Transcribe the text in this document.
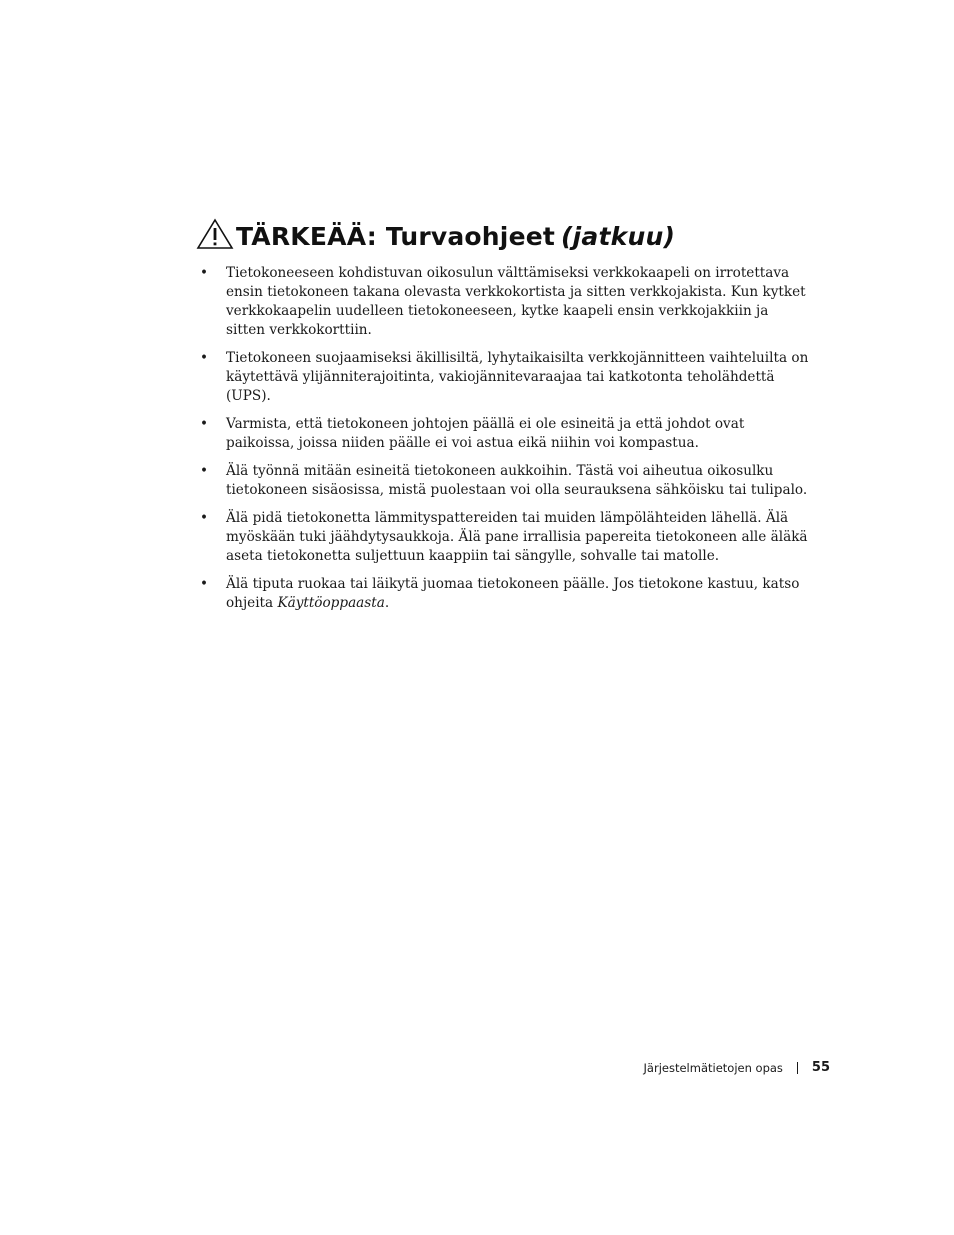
TÄRKEÄÄ: Turvaohjeet (jatkuu)
• Tietokoneeseen kohdistuvan oikosulun välttämiseksi verkkokaapeli on irrotettava ensin tietokoneen takana olevasta verkkokortista ja sitten verkkojakista. Kun kytket verkkokaapelin uudelleen tietokoneeseen, kytke kaapeli ensin verkkojakkiin ja sitten verkkokorttiin.
• Tietokoneen suojaamiseksi äkillisiltä, lyhytaikaisilta verkkojännitteen vaihteluilta on käytettävä ylijänniterajoitinta, vakiojännitevaraajaa tai katkotonta teholähdettä (UPS).
• Varmista, että tietokoneen johtojen päällä ei ole esineitä ja että johdot ovat paikoissa, joissa niiden päälle ei voi astua eikä niihin voi kompastua.
• Älä työnnä mitään esineitä tietokoneen aukkoihin. Tästä voi aiheutua oikosulku tietokoneen sisäosissa, mistä puolestaan voi olla seurauksena sähköisku tai tulipalo.
• Älä pidä tietokonetta lämmityspattereiden tai muiden lämpölähteiden lähellä. Älä myöskään tuki jäähdytysaukkoja. Älä pane irrallisia papereita tietokoneen alle äläkä aseta tietokonetta suljettuun kaappiin tai sängylle, sohvalle tai matolle.
• Älä tiputa ruokaa tai läikytä juomaa tietokoneen päälle. Jos tietokone kastuu, katso ohjeita Käyttöoppaasta.
Järjestelmätietojen opas 55
